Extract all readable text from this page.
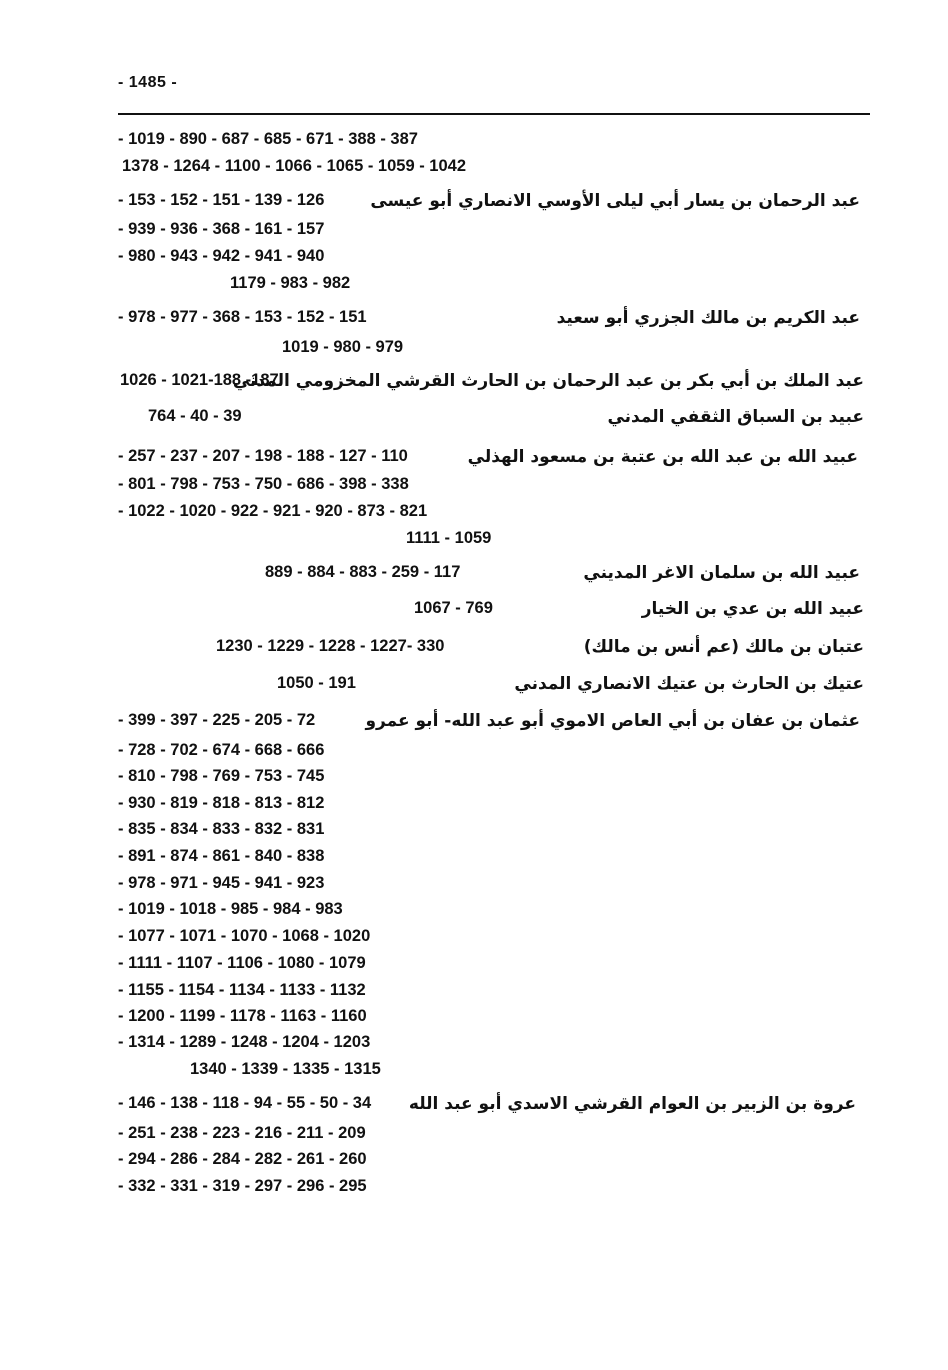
- 1485 -
- 1019 - 890 - 687 - 685 - 671 - 388 - 387
1378 - 1264 - 1100 - 1066 - 1065 - 1059 - 1042
- 153 - 152 - 151 - 139 - 126
- 939 - 936 - 368 - 161 - 157
- 980 - 943 - 942 - 941 - 940
1179 - 983 - 982
- 978 - 977 - 368 - 153 - 152 - 151
1019 - 980 - 979
1026 - 1021-188 -187
764 - 40 - 39
- 257 - 237 - 207 - 198 - 188 - 127 - 110
- 801 - 798 - 753 - 750 - 686 - 398 - 338
- 1022 - 1020 - 922 - 921 - 920 - 873 - 821
1111 - 1059
889 - 884 - 883 - 259 - 117
1067 - 769
1230 - 1229 - 1228 - 1227- 330
1050 - 191
- 399 - 397 - 225 - 205 - 72
- 728 - 702 - 674 - 668 - 666
- 810 - 798 - 769 - 753 - 745
- 930 - 819 - 818 - 813 - 812
- 835 - 834 - 833 - 832 - 831
- 891 - 874 - 861 - 840 - 838
- 978 - 971 - 945 - 941 - 923
- 1019 - 1018 - 985 - 984 - 983
- 1077 - 1071 - 1070 - 1068 - 1020
- 1111 - 1107 - 1106 - 1080 - 1079
- 1155 - 1154 - 1134 - 1133 - 1132
- 1200 - 1199 - 1178 - 1163 - 1160
- 1314 - 1289 - 1248 - 1204 - 1203
1340 - 1339 - 1335 - 1315
- 146 - 138 - 118 - 94 - 55 - 50 - 34
- 251 - 238 - 223 - 216 - 211 - 209
- 294 - 286 - 284 - 282 - 261 - 260
- 332 - 331 - 319 - 297 - 296 - 295
عبد الرحمان بن يسار أبي ليلى الأوسي الانصاري أبو عيسى
عبد الكريم بن مالك الجزري أبو سعيد
عبد الملك بن أبي بكر بن عبد الرحمان بن الحارث القرشي المخزومي المدني
عبيد بن السباق الثقفي المدني
عبيد الله بن عبد الله بن عتبة بن مسعود الهذلي
عبيد الله بن سلمان الاغر المديني
عبيد الله بن عدي بن الخيار
عتبان بن مالك (عم أنس بن مالك)
عتيك بن الحارث بن عتيك الانصاري المدني
عثمان بن عفان بن أبي العاص الاموي أبو عبد الله- أبو عمرو
عروة بن الزبير بن العوام القرشي الاسدي أبو عبد الله
